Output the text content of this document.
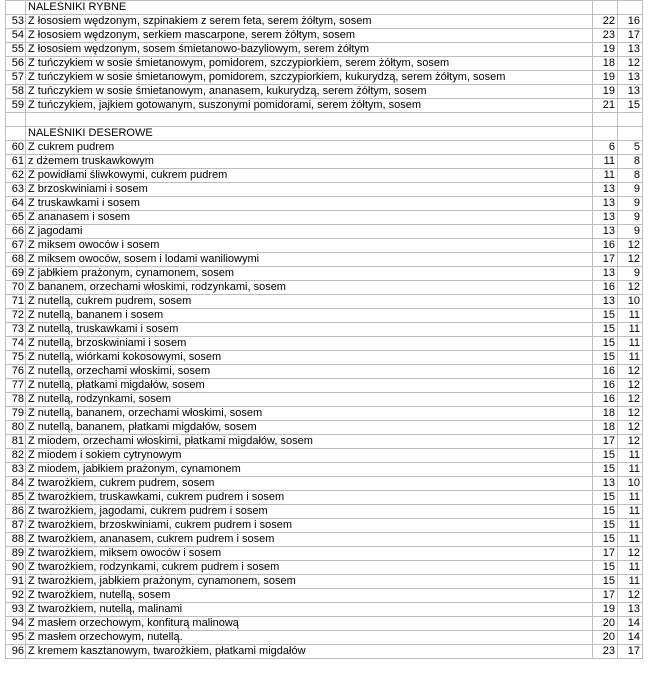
	NALEŚNIKI RYBNE		
53	Z łososiem wędzonym, szpinakiem z serem feta, serem żółtym, sosem	22	16
54	Z łososiem wędzonym, serkiem mascarpone, serem żółtym, sosem	23	17
55	Z łososiem wędzonym, sosem śmietanowo-bazyliowym, serem żółtym	19	13
56	Z tuńczykiem w sosie śmietanowym, pomidorem, szczypiorkiem, serem żółtym, sosem	18	12
57	Z tuńczykiem w sosie śmietanowym, pomidorem, szczypiorkiem, kukurydzą, serem żółtym, sosem	19	13
58	Z tuńczykiem w sosie śmietanowym, ananasem, kukurydzą, serem żółtym, sosem	19	13
59	Z tuńczykiem, jajkiem gotowanym, suszonymi pomidorami, serem żółtym, sosem	21	15

	NALEŚNIKI DESEROWE		
60	Z cukrem pudrem	6	5
61	z dżemem truskawkowym	11	8
62	Z powidłami śliwkowymi, cukrem pudrem	11	8
63	Z brzoskwiniami i sosem	13	9
64	Z truskawkami i sosem	13	9
65	Z ananasem i sosem	13	9
66	Z jagodami	13	9
67	Z miksem owoców i sosem	16	12
68	Z miksem owoców, sosem i lodami waniliowymi	17	12
69	Z jabłkiem prażonym, cynamonem, sosem	13	9
70	Z bananem, orzechami włoskimi, rodzynkami, sosem	16	12
71	Z nutellą, cukrem pudrem, sosem	13	10
72	Z nutellą, bananem i sosem	15	11
73	Z nutellą, truskawkami i sosem	15	11
74	Z nutellą, brzoskwiniami i sosem	15	11
75	Z nutellą, wiórkami kokosowymi, sosem	15	11
76	Z nutellą, orzechami włoskimi, sosem	16	12
77	Z nutellą, płatkami migdałów, sosem	16	12
78	Z nutellą, rodzynkami, sosem	16	12
79	Z nutellą, bananem, orzechami włoskimi, sosem	18	12
80	Z nutellą, bananem, płatkami migdałów, sosem	18	12
81	Z miodem, orzechami włoskimi, płatkami migdałów, sosem	17	12
82	Z miodem i sokiem cytrynowym	15	11
83	Z miodem, jabłkiem prażonym, cynamonem	15	11
84	Z twarożkiem, cukrem pudrem, sosem	13	10
85	Z twarożkiem, truskawkami, cukrem pudrem i sosem	15	11
86	Z twarożkiem, jagodami, cukrem pudrem i sosem	15	11
87	Z twarożkiem, brzoskwiniami, cukrem pudrem i sosem	15	11
88	Z twarożkiem, ananasem, cukrem pudrem i sosem	15	11
89	Z twarożkiem, miksem owoców i sosem	17	12
90	Z twarożkiem, rodzynkami, cukrem pudrem i sosem	15	11
91	Z twarożkiem, jabłkiem prażonym, cynamonem, sosem	15	11
92	Z twarożkiem, nutellą, sosem	17	12
93	Z twarożkiem, nutellą, malinami	19	13
94	Z masłem orzechowym, konfiturą malinową	20	14
95	Z masłem orzechowym, nutellą.	20	14
96	Z kremem kasztanowym, twarożkiem, płatkami migdałów	23	17
